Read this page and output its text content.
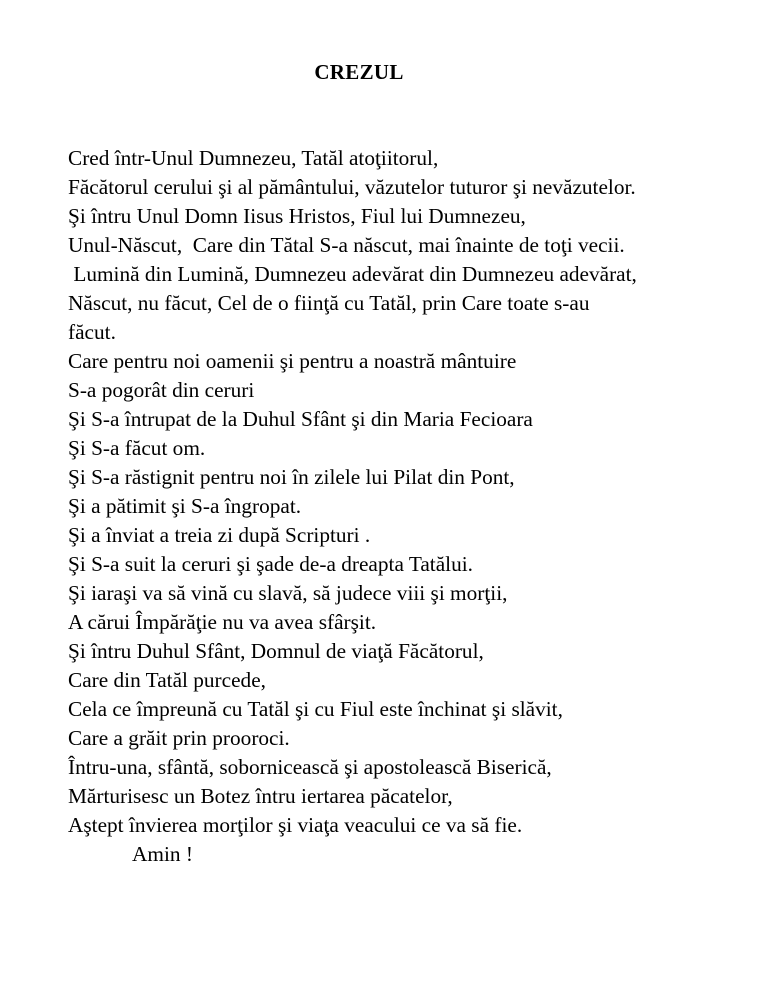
CREZUL
Cred într-Unul Dumnezeu, Tatăl atoţiitorul,
Făcătorul cerului şi al pământului, văzutelor tuturor şi nevăzutelor.
Şi întru Unul Domn Iisus Hristos, Fiul lui Dumnezeu,
Unul-Născut,  Care din Tătal S-a născut, mai înainte de toţi vecii.
Lumină din Lumină, Dumnezeu adevărat din Dumnezeu adevărat,
Născut, nu făcut, Cel de o fiinţă cu Tatăl, prin Care toate s-au
făcut.
Care pentru noi oamenii şi pentru a noastră mântuire
S-a pogorât din ceruri
Şi S-a întrupat de la Duhul Sfânt şi din Maria Fecioara
Şi S-a făcut om.
Şi S-a răstignit pentru noi în zilele lui Pilat din Pont,
Şi a pătimit şi S-a îngropat.
Şi a înviat a treia zi după Scripturi .
Şi S-a suit la ceruri şi şade de-a dreapta Tatălui.
Şi iaraşi va să vină cu slavă, să judece viii şi morţii,
A cărui Împărăţie nu va avea sfârşit.
Şi întru Duhul Sfânt, Domnul de viaţă Făcătorul,
Care din Tatăl purcede,
Cela ce împreună cu Tatăl şi cu Fiul este închinat şi slăvit,
Care a grăit prin prooroci.
Întru-una, sfântă, sobornicească şi apostolească Biserică,
Mărturisesc un Botez întru iertarea păcatelor,
Aştept învierea morţilor şi viaţa veacului ce va să fie.
Amin !
